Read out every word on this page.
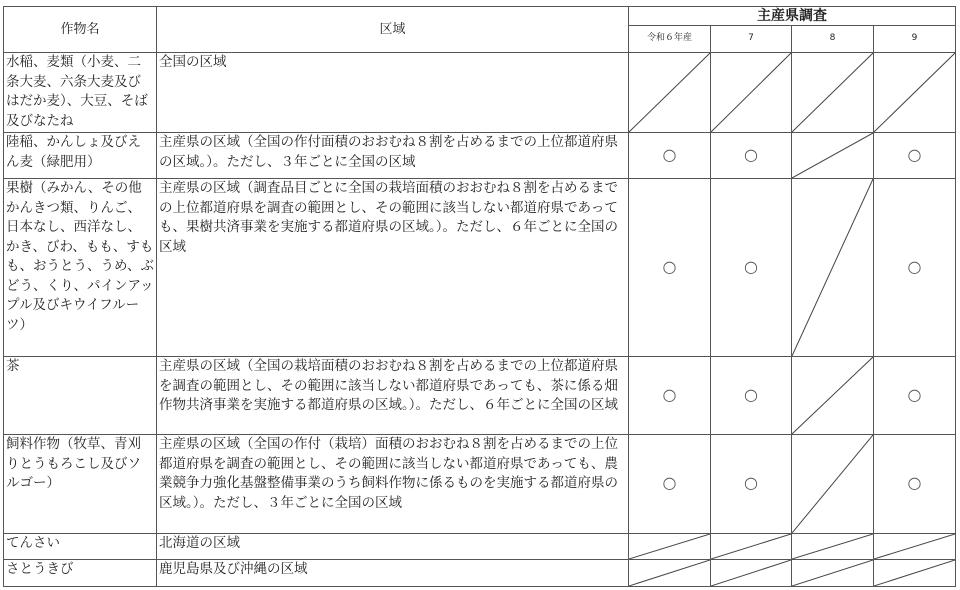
作物名	区域	主産県調査			
		令和６年産	7	8	9
水稲、麦類（小麦、二条大麦、六条大麦及びはだか麦）、大豆、そば及びなたね	全国の区域	

陸稲、かんしょ及びえん麦（緑肥用）	主産県の区域（全国の作付面積のおおむね８割を占めるまでの上位都道府県の区域。）。ただし、３年ごとに全国の区域	○	○		○
果樹（みかん、その他かんきつ類、りんご、日本なし、西洋なし、かき、びわ、もも、すもも、おうとう、うめ、ぶどう、くり、パインアップル及びキウイフルーツ）	主産県の区域（調査品目ごとに全国の栽培面積のおおむね８割を占めるまでの上位都道府県を調査の範囲とし、その範囲に該当しない都道府県であっても、果樹共済事業を実施する都道府県の区域。）。ただし、６年ごとに全国の区域	○	○		○
茶	主産県の区域（全国の栽培面積のおおむね８割を占めるまでの上位都道府県を調査の範囲とし、その範囲に該当しない都道府県であっても、茶に係る畑作物共済事業を実施する都道府県の区域。）。ただし、６年ごとに全国の区域	○	○		○
飼料作物（牧草、青刈りとうもろこし及びソルゴー）	主産県の区域（全国の作付（栽培）面積のおおむね８割を占めるまでの上位都道府県を調査の範囲とし、その範囲に該当しない都道府県であっても、農業競争力強化基盤整備事業のうち飼料作物に係るものを実施する都道府県の区域。）。ただし、３年ごとに全国の区域	○	○		○
てんさい	北海道の区域	

さとうきび	鹿児島県及び沖縄の区域	
